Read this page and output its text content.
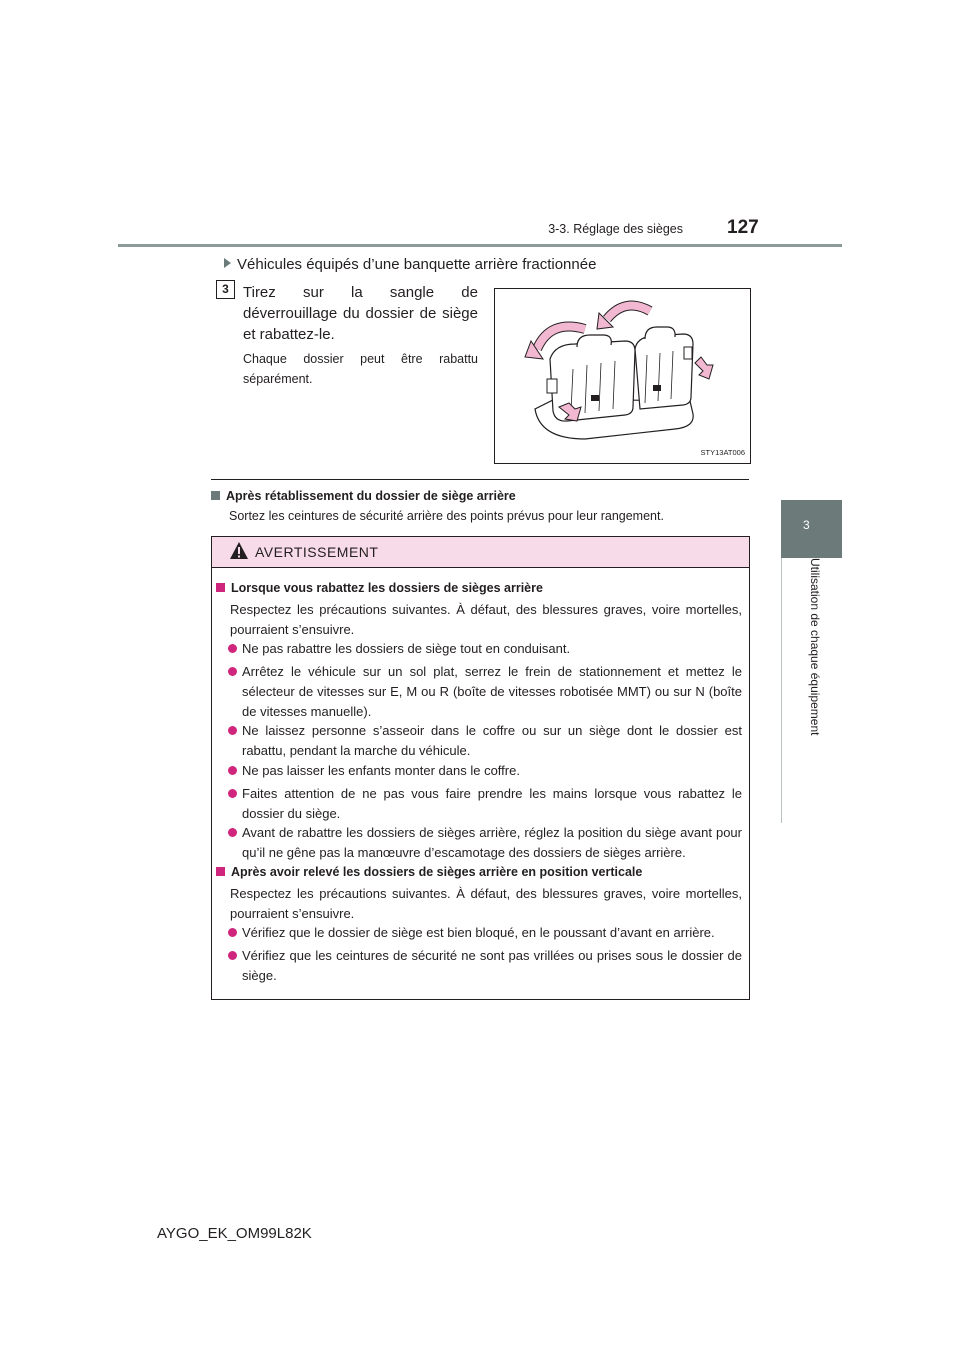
3-3. Réglage des sièges 127
3
Utilisation de chaque équipement
Véhicules équipés d’une banquette arrière fractionnée
3 Tirez sur la sangle de déverrouillage du dossier de siège et rabattez-le.
Chaque dossier peut être rabattu séparément.
STY13AT006
Après rétablissement du dossier de siège arrière
Sortez les ceintures de sécurité arrière des points prévus pour leur rangement.
AVERTISSEMENT
Lorsque vous rabattez les dossiers de sièges arrière
Respectez les précautions suivantes. À défaut, des blessures graves, voire mortelles, pourraient s’ensuivre.
Ne pas rabattre les dossiers de siège tout en conduisant.
Arrêtez le véhicule sur un sol plat, serrez le frein de stationnement et mettez le sélecteur de vitesses sur E, M ou R (boîte de vitesses robotisée MMT) ou sur N (boîte de vitesses manuelle).
Ne laissez personne s’asseoir dans le coffre ou sur un siège dont le dossier est rabattu, pendant la marche du véhicule.
Ne pas laisser les enfants monter dans le coffre.
Faites attention de ne pas vous faire prendre les mains lorsque vous rabattez le dossier du siège.
Avant de rabattre les dossiers de sièges arrière, réglez la position du siège avant pour qu’il ne gêne pas la manœuvre d’escamotage des dossiers de sièges arrière.
Après avoir relevé les dossiers de sièges arrière en position verticale
Respectez les précautions suivantes. À défaut, des blessures graves, voire mortelles, pourraient s’ensuivre.
Vérifiez que le dossier de siège est bien bloqué, en le poussant d’avant en arrière.
Vérifiez que les ceintures de sécurité ne sont pas vrillées ou prises sous le dossier de siège.
AYGO_EK_OM99L82K
